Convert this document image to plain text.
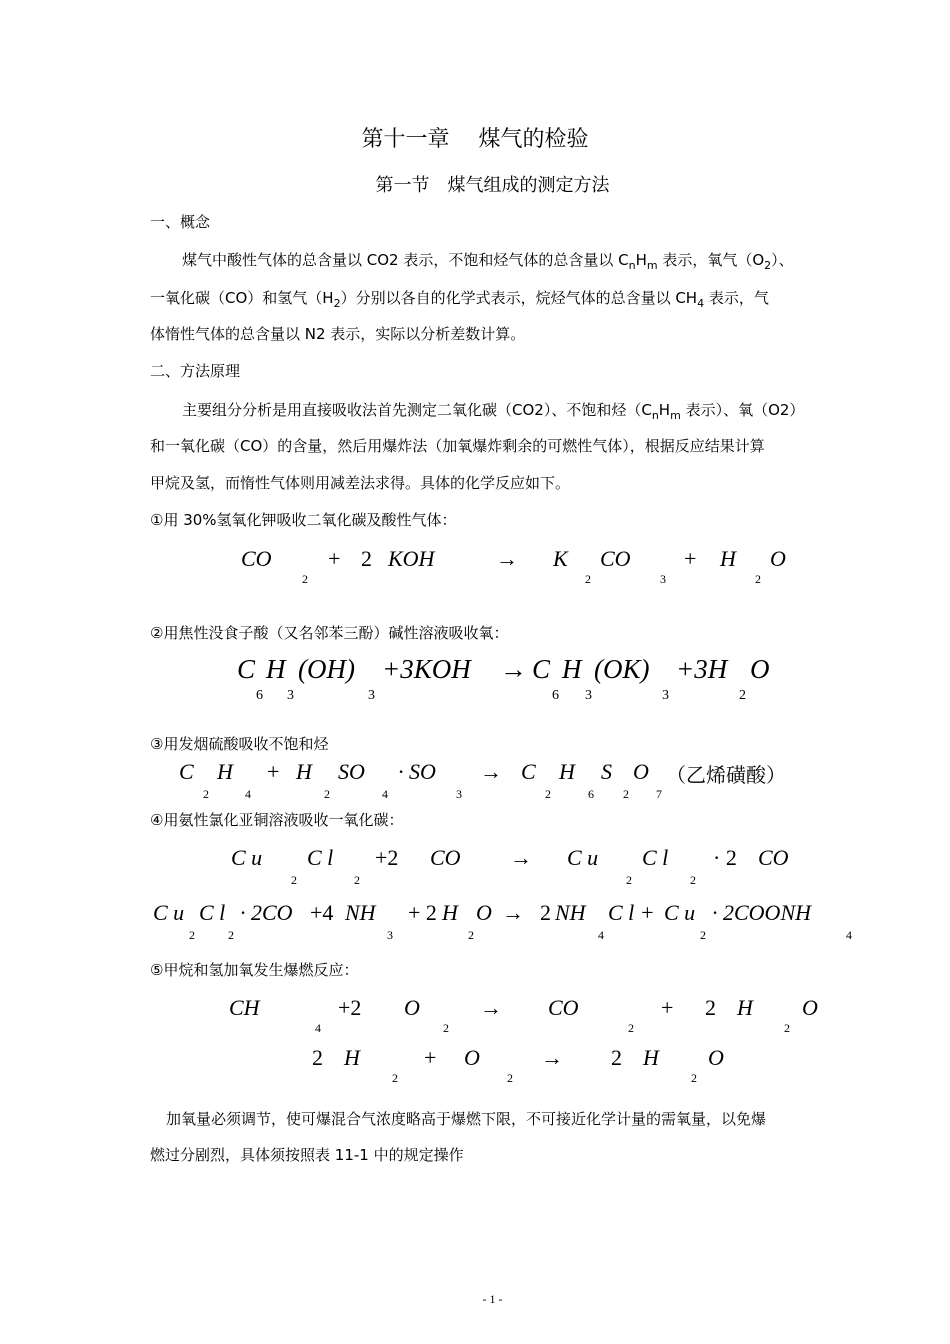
第十一章　 煤气的检验
第一节　煤气组成的测定方法
一、概念
煤气中酸性气体的总含量以 CO2 表示，不饱和烃气体的总含量以 $C_nH_m$ 表示，氧气$(O_2)$、
一氧化碳（CO）和氢气$(H_2)$分别以各自的化学式表示，烷烃气体的总含量以 $CH_4$ 表示，气
体惰性气体的总含量以 N2 表示，实际以分析差数计算。
二、方法原理
主要组分分析是用直接吸收法首先测定二氧化碳（CO2）、不饱和烃（$C_nH_m$ 表示）、氧（O2）
和一氧化碳（CO）的含量，然后用爆炸法（加氧爆炸剩余的可燃性气体），根据反应结果计算
甲烷及氢，而惰性气体则用减差法求得。具体的化学反应如下。
①用 30%氢氧化钾吸收二氧化碳及酸性气体：
CO
2
+ 2 KOH	→ K
2
CO
3
+ H
2
O
②用焦性没食子酸（又名邻苯三酚）碱性溶液吸收氧：
C
6
H
3
(OH)
3
+3KOH → C
6
H
3
(OK)
3
+3H
2
O
③用发烟硫酸吸收不饱和烃
C
2
H
4
+ H
2
SO
4
· SO
3
→ C
2
H
6
S
2
O
7
（乙烯磺酸）
④用氨性氯化亚铜溶液吸收一氧化碳：
C u
2
C l
2
+2 CO → C u
2
C l
2
· 2 CO
C u
2
C l
2
· 2CO +4 NH
3
+ 2 H
2
O → 2 NH
4
C l + C u
2
· 2COONH
4
⑤甲烷和氢加氧发生爆燃反应：
CH
4
+2 O
2
→ CO
2
+ 2 H
2
O
2 H
2
+ O
2
→ 2 H
2
O
加氧量必须调节，使可爆混合气浓度略高于爆燃下限，不可接近化学计量的需氧量，以免爆
燃过分剧烈，具体须按照表 11-1 中的规定操作
- 1 -
